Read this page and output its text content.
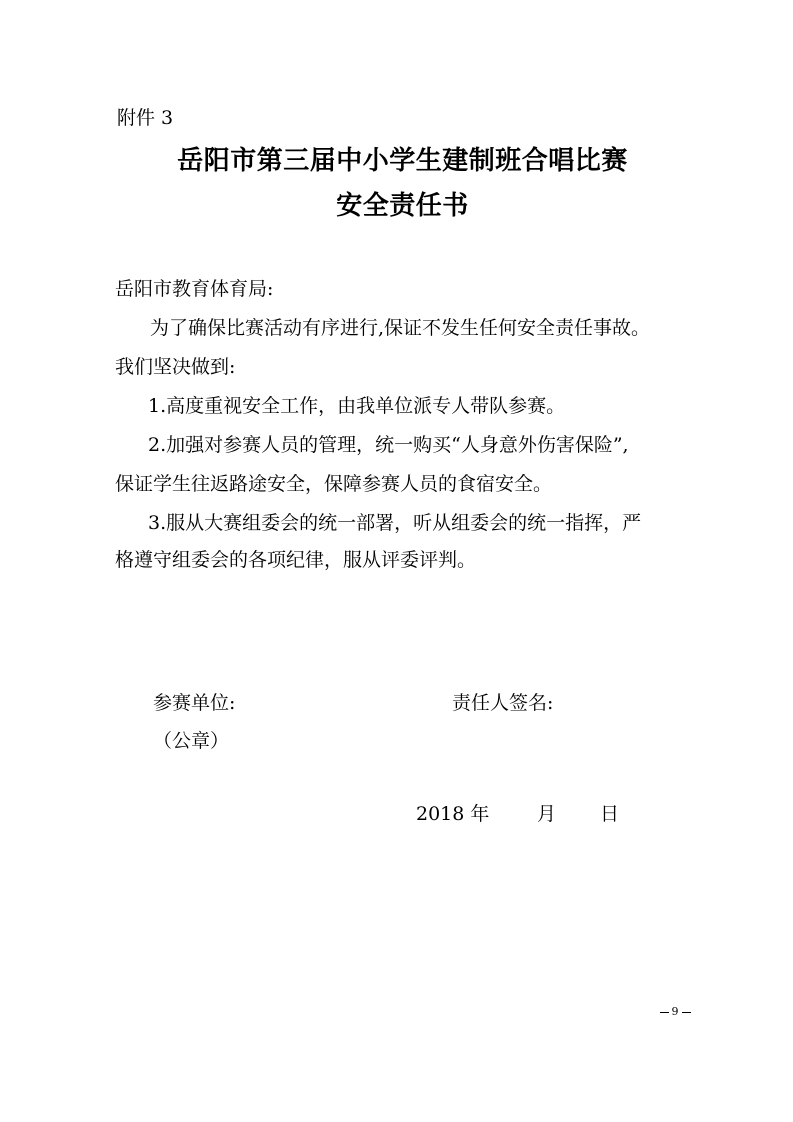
附件 3
岳阳市第三届中小学生建制班合唱比赛
安全责任书
岳阳市教育体育局:
为了确保比赛活动有序进行,保证不发生任何安全责任事故。
我们坚决做到:
1.高度重视安全工作，由我单位派专人带队参赛。
2.加强对参赛人员的管理，统一购买“人身意外伤害保险”,
保证学生往返路途安全，保障参赛人员的食宿安全。
3.服从大赛组委会的统一部署，听从组委会的统一指挥，严
格遵守组委会的各项纪律，服从评委评判。
参赛单位:
（公章）
责任人签名:
2018 年	月 日
9
